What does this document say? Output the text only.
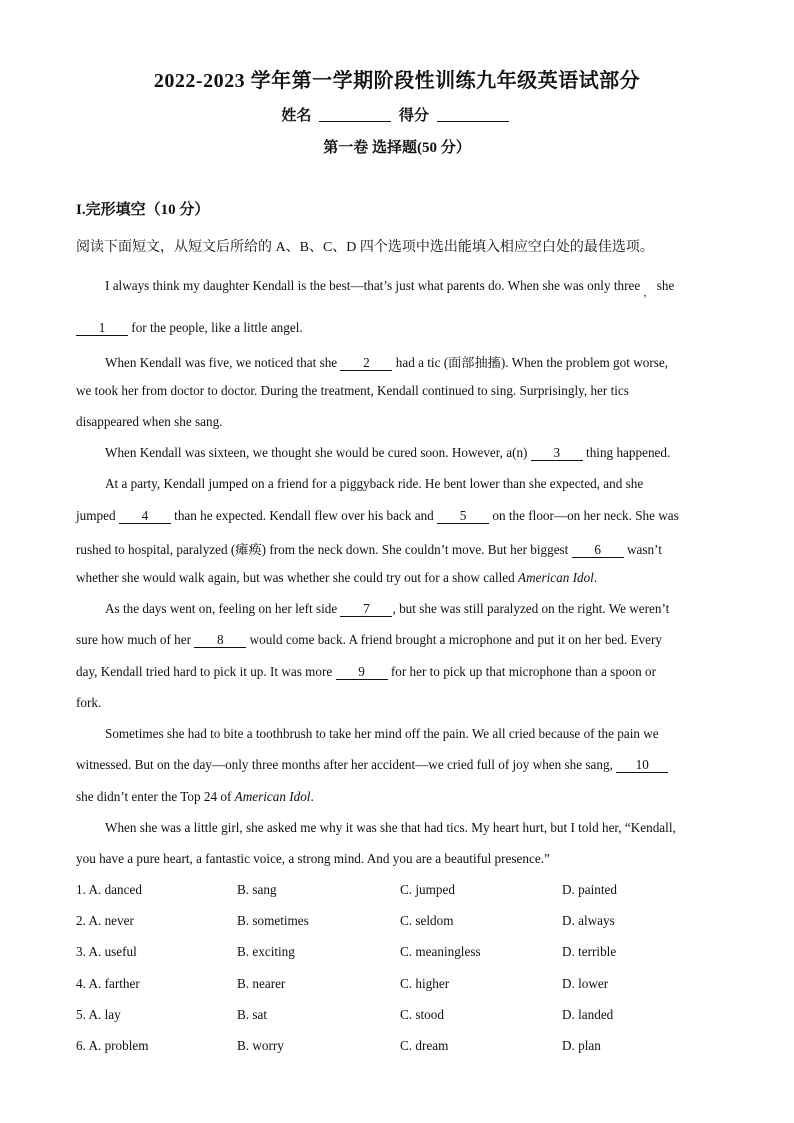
2022-2023 学年第一学期阶段性训练九年级英语试部分
姓名	得分
第一卷 选择题(50 分）
I.完形填空（10 分）
阅读下面短文，从短文后所给的 A、B、C、D 四个选项中选出能填入相应空白处的最佳选项。
I always think my daughter Kendall is the best—that’s just what parents do. When she was only three $_,$ she
1 for the people, like a little angel.
When Kendall was five, we noticed that she 2 had a tic (面部抽搐). When the problem got worse,
we took her from doctor to doctor. During the treatment, Kendall continued to sing. Surprisingly, her tics
disappeared when she sang.
When Kendall was sixteen, we thought she would be cured soon. However, a(n) 3 thing happened.
At a party, Kendall jumped on a friend for a piggyback ride. He bent lower than she expected, and she
jumped 4 than he expected. Kendall flew over his back and 5 on the floor—on her neck. She was
rushed to hospital, paralyzed (瘫痪) from the neck down. She couldn’t move. But her biggest 6 wasn’t
whether she would walk again, but was whether she could try out for a show called American Idol.
As the days went on, feeling on her left side 7 , but she was still paralyzed on the right. We weren’t
sure how much of her 8 would come back. A friend brought a microphone and put it on her bed. Every
day, Kendall tried hard to pick it up. It was more 9 for her to pick up that microphone than a spoon or
fork.
Sometimes she had to bite a toothbrush to take her mind off the pain. We all cried because of the pain we
witnessed. But on the day—only three months after her accident—we cried full of joy when she sang, 10
she didn’t enter the Top 24 of American Idol.
When she was a little girl, she asked me why it was she that had tics. My heart hurt, but I told her, “Kendall,
you have a pure heart, a fantastic voice, a strong mind. And you are a beautiful presence.”
1. A. danced	B. sang	C. jumped	D. painted
2. A. never	B. sometimes	C. seldom	D. always
3. A. useful	B. exciting	C. meaningless	D. terrible
4. A. farther	B. nearer	C. higher	D. lower
5. A. lay	B. sat	C. stood	D. landed
6. A. problem	B. worry	C. dream	D. plan
